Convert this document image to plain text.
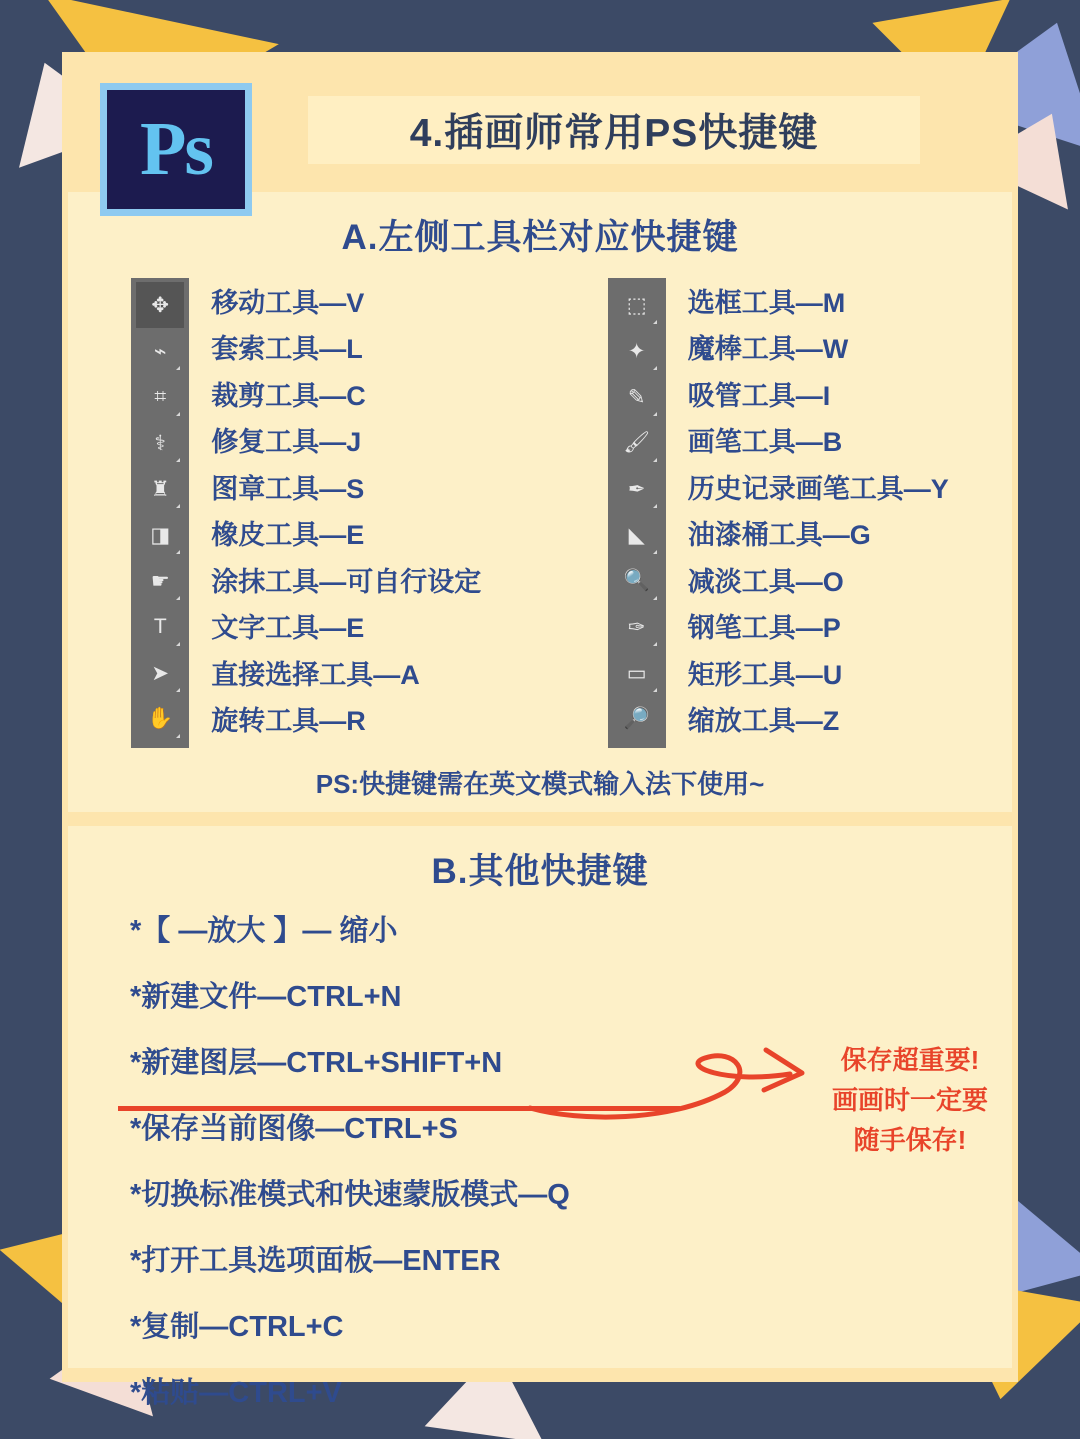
Ps	4.插画师常用PS快捷键
A.左侧工具栏对应快捷键
✥
⌁
⌗
⚕
♜
◨
☛
T
➤
✋
移动工具—V
套索工具—L
裁剪工具—C
修复工具—J
图章工具—S
橡皮工具—E
涂抹工具—可自行设定
文字工具—E
直接选择工具—A
旋转工具—R
⬚
✦
✎
🖌
✒
◣
🔍
✑
▭
🔎
选框工具—M
魔棒工具—W
吸管工具—I
画笔工具—B
历史记录画笔工具—Y
油漆桶工具—G
减淡工具—O
钢笔工具—P
矩形工具—U
缩放工具—Z
PS:快捷键需在英文模式输入法下使用~
B.其他快捷键
*【 —放大 】— 缩小
*新建文件—CTRL+N
*新建图层—CTRL+SHIFT+N
*保存当前图像—CTRL+S
*切换标准模式和快速蒙版模式—Q
*打开工具选项面板—ENTER
*复制—CTRL+C
*粘贴—CTRL+V
保存超重要!
画画时一定要
随手保存!
